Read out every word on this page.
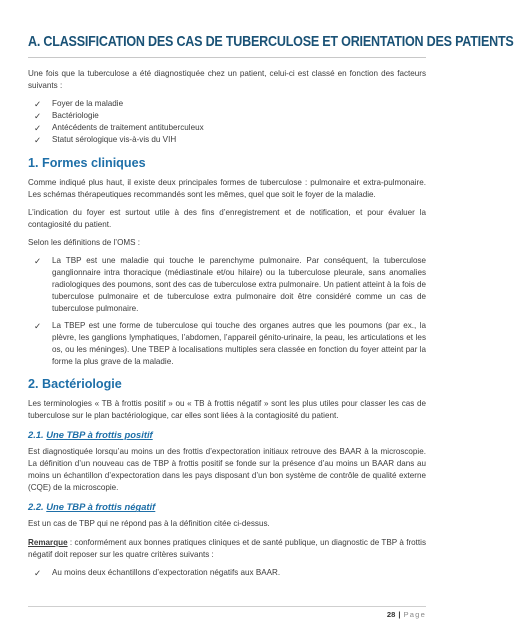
A. CLASSIFICATION DES CAS DE TUBERCULOSE ET ORIENTATION DES PATIENTS

Une fois que la tuberculose a été diagnostiquée chez un patient, celui-ci est classé en fonction des facteurs suivants :

✓ Foyer de la maladie
✓ Bactériologie
✓ Antécédents de traitement antituberculeux
✓ Statut sérologique vis-à-vis du VIH
1. Formes cliniques

Comme indiqué plus haut, il existe deux principales formes de tuberculose : pulmonaire et extra-pulmonaire. Les schémas thérapeutiques recommandés sont les mêmes, quel que soit le foyer de la maladie.

L’indication du foyer est surtout utile à des fins d’enregistrement et de notification, et pour évaluer la contagiosité du patient.

Selon les définitions de l’OMS :

✓ La TBP est une maladie qui touche le parenchyme pulmonaire. Par conséquent, la tuberculose ganglionnaire intra thoracique (médiastinale et/ou hilaire) ou la tuberculose pleurale, sans anomalies radiologiques des poumons, sont des cas de tuberculose extra pulmonaire. Un patient atteint à la fois de tuberculose pulmonaire et de tuberculose extra pulmonaire doit être considéré comme un cas de tuberculose pulmonaire.
✓ La TBEP est une forme de tuberculose qui touche des organes autres que les poumons (par ex., la plèvre, les ganglions lymphatiques, l’abdomen, l’appareil génito-urinaire, la peau, les articulations et les os, ou les méninges). Une TBEP à localisations multiples sera classée en fonction du foyer atteint par la forme la plus grave de la maladie.
2. Bactériologie

Les terminologies « TB à frottis positif » ou « TB à frottis négatif » sont les plus utiles pour classer les cas de tuberculose sur le plan bactériologique, car elles sont liées à la contagiosité du patient.

2.1. Une TBP à frottis positif

Est diagnostiquée lorsqu’au moins un des frottis d’expectoration initiaux retrouve des BAAR à la microscopie. La définition d’un nouveau cas de TBP à frottis positif se fonde sur la présence d’au moins un BAAR dans au moins un échantillon d’expectoration dans les pays disposant d’un bon système de contrôle de qualité externe (CQE) de la microscopie.

2.2. Une TBP à frottis négatif

Est un cas de TBP qui ne répond pas à la définition citée ci-dessus.

Remarque : conformément aux bonnes pratiques cliniques et de santé publique, un diagnostic de TBP à frottis négatif doit reposer sur les quatre critères suivants :

✓ Au moins deux échantillons d’expectoration négatifs aux BAAR.
28 | Page
